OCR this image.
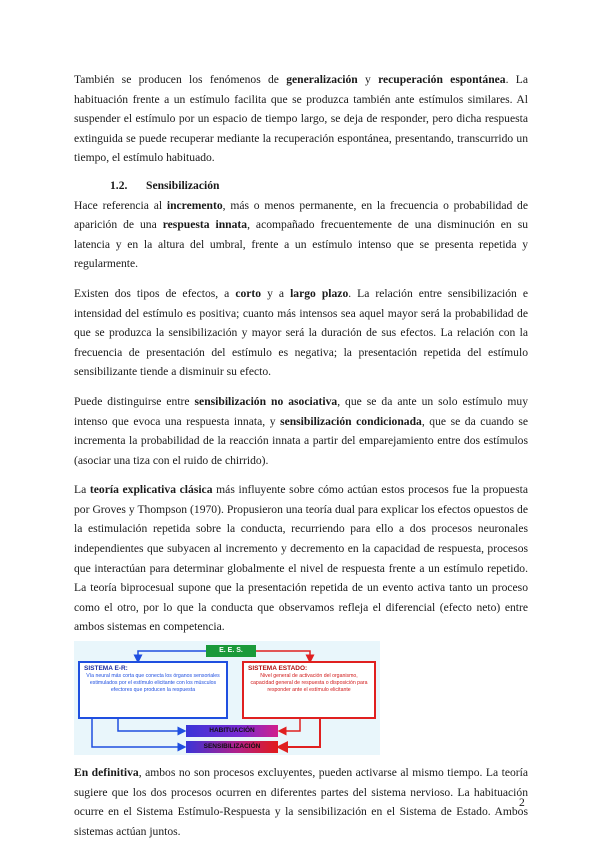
También se producen los fenómenos de generalización y recuperación espontánea. La habituación frente a un estímulo facilita que se produzca también ante estímulos similares. Al suspender el estímulo por un espacio de tiempo largo, se deja de responder, pero dicha respuesta extinguida se puede recuperar mediante la recuperación espontánea, presentando, transcurrido un tiempo, el estímulo habituado.

1.2. Sensibilización

Hace referencia al incremento, más o menos permanente, en la frecuencia o probabilidad de aparición de una respuesta innata, acompañado frecuentemente de una disminución en su latencia y en la altura del umbral, frente a un estímulo intenso que se presenta repetida y regularmente.

Existen dos tipos de efectos, a corto y a largo plazo. La relación entre sensibilización e intensidad del estímulo es positiva; cuanto más intensos sea aquel mayor será la probabilidad de que se produzca la sensibilización y mayor será la duración de sus efectos. La relación con la frecuencia de presentación del estímulo es negativa; la presentación repetida del estímulo sensibilizante tiende a disminuir su efecto.

Puede distinguirse entre sensibilización no asociativa, que se da ante un solo estímulo muy intenso que evoca una respuesta innata, y sensibilización condicionada, que se da cuando se incrementa la probabilidad de la reacción innata a partir del emparejamiento entre dos estímulos (asociar una tiza con el ruido de chirrido).

La teoría explicativa clásica más influyente sobre cómo actúan estos procesos fue la propuesta por Groves y Thompson (1970). Propusieron una teoría dual para explicar los efectos opuestos de la estimulación repetida sobre la conducta, recurriendo para ello a dos procesos neuronales independientes que subyacen al incremento y decremento en la capacidad de respuesta, procesos que interactúan para determinar globalmente el nivel de respuesta frente a un estímulo repetido. La teoría biprocesual supone que la presentación repetida de un evento activa tanto un proceso como el otro, por lo que la conducta que observamos refleja el diferencial (efecto neto) entre ambos sistemas en competencia.

E. E. S.
SISTEMA E-R:
Vía neural más corta que conecta los órganos sensoriales estimulados por el estímulo elicitante con los músculos efectores que producen la respuesta
SISTEMA ESTADO:
Nivel general de activación del organismo, capacidad general de respuesta o disposición para responder ante el estímulo elicitante
HABITUACIÓN
SENSIBILIZACIÓN

En definitiva, ambos no son procesos excluyentes, pueden activarse al mismo tiempo. La teoría sugiere que los dos procesos ocurren en diferentes partes del sistema nervioso. La habituación ocurre en el Sistema Estímulo-Respuesta y la sensibilización en el Sistema de Estado. Ambos sistemas actúan juntos.

2
